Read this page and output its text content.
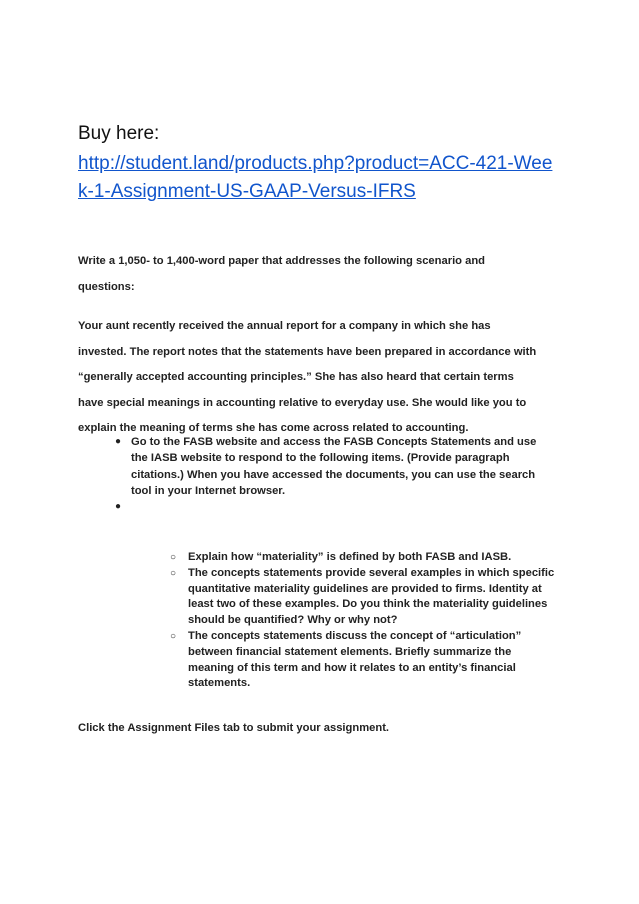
Buy here:

http://student.land/products.php?product=ACC-421-Wee
k-1-Assignment-US-GAAP-Versus-IFRS

Write a 1,050- to 1,400-word paper that addresses the following scenario and
questions:

Your aunt recently received the annual report for a company in which she has
invested. The report notes that the statements have been prepared in accordance with
“generally accepted accounting principles.” She has also heard that certain terms
have special meanings in accounting relative to everyday use. She would like you to
explain the meaning of terms she has come across related to accounting.

● Go to the FASB website and access the FASB Concepts Statements and use
the IASB website to respond to the following items. (Provide paragraph
citations.) When you have accessed the documents, you can use the search
tool in your Internet browser.
●
○ Explain how “materiality” is defined by both FASB and IASB.
○ The concepts statements provide several examples in which specific
quantitative materiality guidelines are provided to firms. Identity at
least two of these examples. Do you think the materiality guidelines
should be quantified? Why or why not?
○ The concepts statements discuss the concept of “articulation”
between financial statement elements. Briefly summarize the
meaning of this term and how it relates to an entity’s financial
statements.

Click the Assignment Files tab to submit your assignment.
